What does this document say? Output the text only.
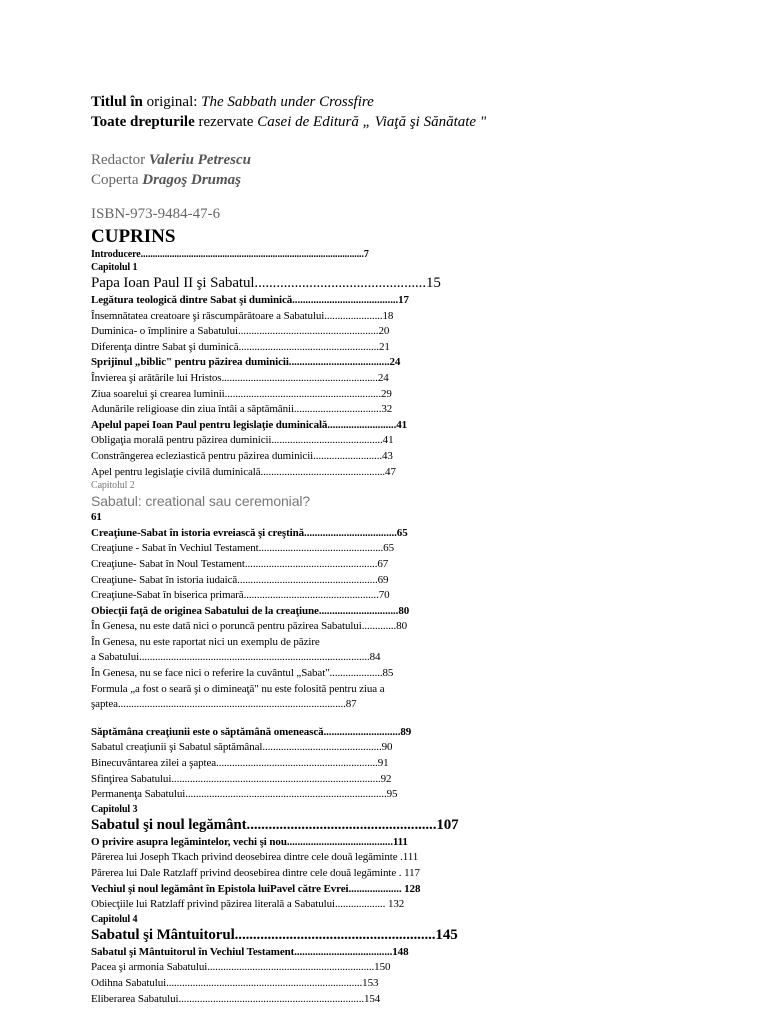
Titlul în original: The Sabbath under Crossfire
Toate drepturile rezervate Casei de Editură „ Viaţă şi Sănătate "
Redactor Valeriu Petrescu
Coperta Dragoş Drumaş
ISBN-973-9484-47-6
CUPRINS
Introducere.............................................................................................7
Capitolul 1
Papa Ioan Paul II şi Sabatul...............................................15
Legătura teologică dintre Sabat şi duminică........................................17
Însemnătatea creatoare şi răscumpărătoare a Sabatului......................18
Duminica- o împlinire a Sabatului.....................................................20
Diferenţa dintre Sabat şi duminică.....................................................21
Sprijinul „biblic" pentru păzirea duminicii......................................24
Învierea şi arătările lui Hristos...........................................................24
Ziua soarelui şi crearea luminii...........................................................29
Adunările religioase din ziua întâi a săptămânii.................................32
Apelul papei Ioan Paul pentru legislaţie duminicală..........................41
Obligaţia morală pentru păzirea duminicii..........................................41
Constrângerea ecleziastică pentru păzirea duminicii..........................43
Apel pentru legislaţie civilă duminicală...............................................47
Capitolul 2
Sabatul: creational sau ceremonial?
61
Creaţiune-Sabat în istoria evreiască şi creştină...................................65
Creaţiune - Sabat în Vechiul Testament...............................................65
Creaţiune- Sabat în Noul Testament..................................................67
Creaţiune- Sabat în istoria iudaică.....................................................69
Creaţiune-Sabat în biserica primară...................................................70
Obiecţii faţă de originea Sabatului de la creaţiune..............................80
În Genesa, nu este dată nici o poruncă pentru păzirea Sabatului.............80
În Genesa, nu este raportat nici un exemplu de păzire
a Sabatului.......................................................................................84
În Genesa, nu se face nici o referire la cuvântul „Sabat"....................85
Formula „a fost o seară şi o dimineaţă" nu este folosită pentru ziua a
şaptea......................................................................................87
Săptămâna creaţiunii este o săptămână omenească.............................89
Sabatul creaţiunii şi Sabatul săptămânal.............................................90
Binecuvântarea zilei a şaptea.............................................................91
Sfinţirea Sabatului...............................................................................92
Permanenţa Sabatului............................................................................95
Capitolul 3
Sabatul şi noul legământ....................................................107
O privire asupra legămintelor, vechi şi nou........................................111
Părerea lui Joseph Tkach privind deosebirea dintre cele două legăminte .111
Părerea lui Dale Ratzlaff privind deosebirea dintre cele două legăminte . 117
Vechiul şi noul legământ în Epistola luiPavel către Evrei.................... 128
Obiecţiile lui Ratzlaff privind păzirea literală a Sabatului................... 132
Capitolul 4
Sabatul şi Mântuitorul.......................................................145
Sabatul şi Mântuitorul în Vechiul Testament.....................................148
Pacea şi armonia Sabatului...............................................................150
Odihna Sabatului..........................................................................153
Eliberarea Sabatului......................................................................154
